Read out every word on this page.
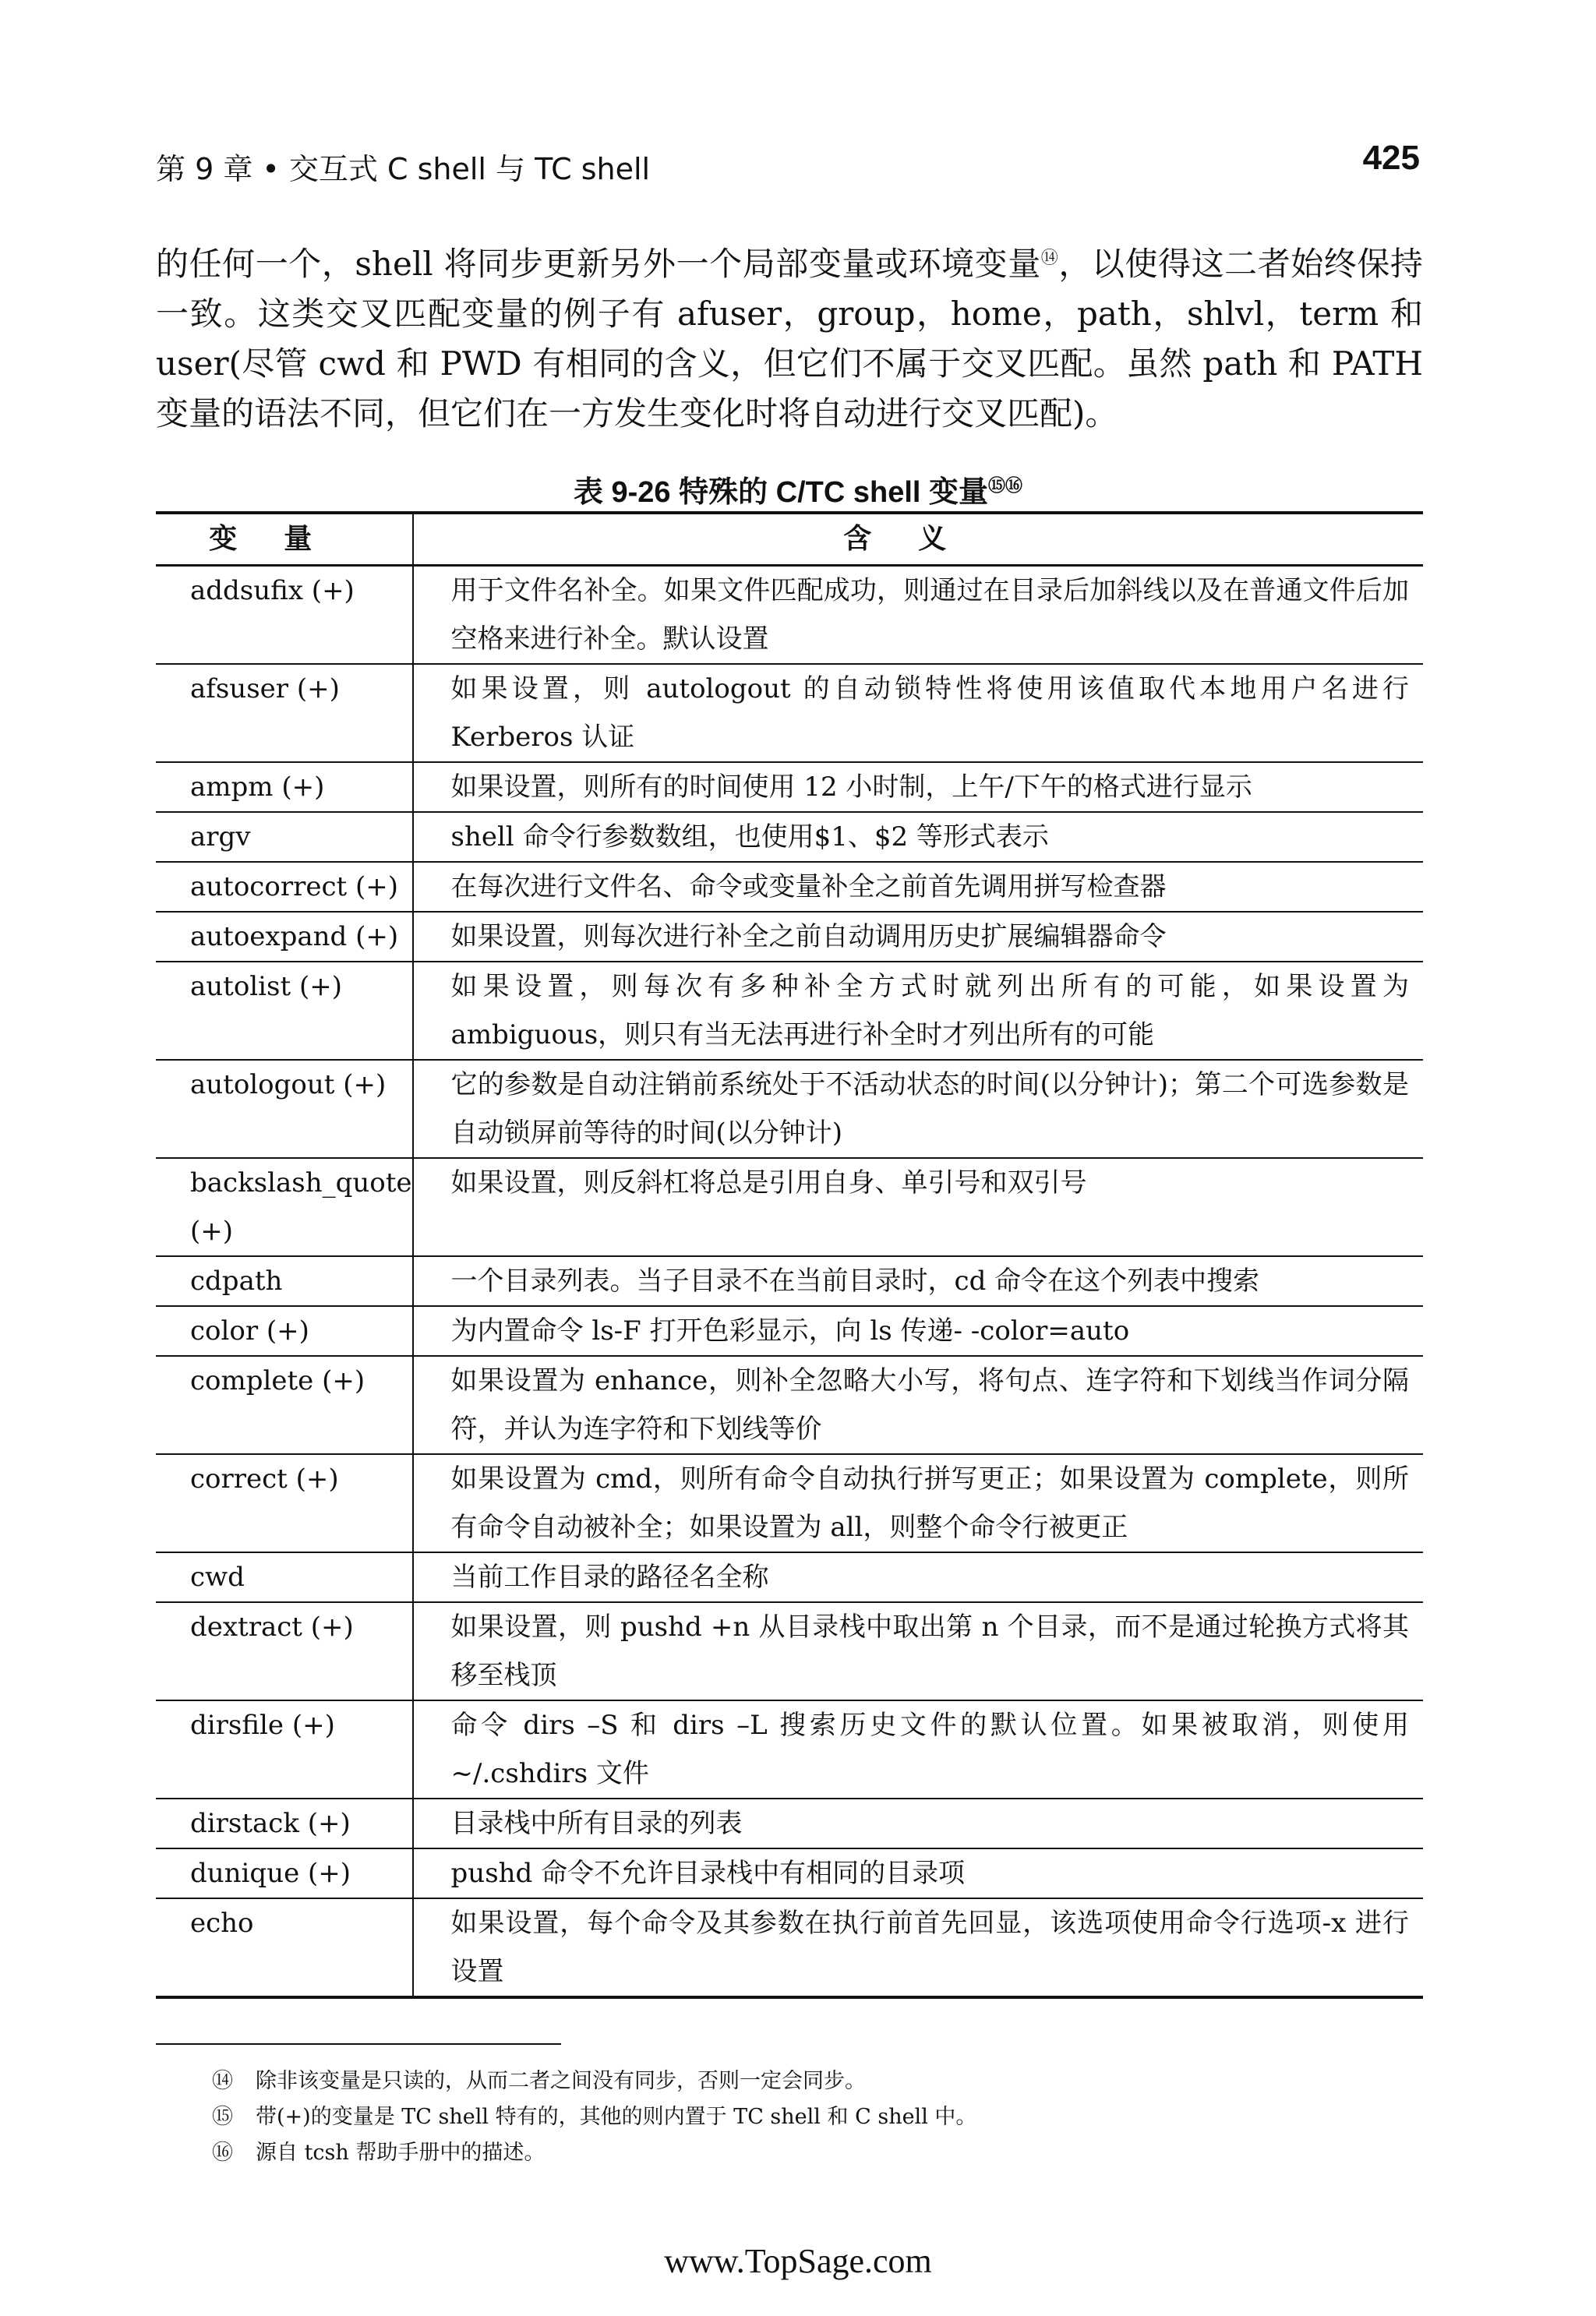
第 9 章 • 交互式 C shell 与 TC shell	425
的任何一个，shell 将同步更新另外一个局部变量或环境变量⑭，以使得这二者始终保持一致。这类交叉匹配变量的例子有 afuser，group，home，path，shlvl，term 和 user(尽管 cwd 和 PWD 有相同的含义，但它们不属于交叉匹配。虽然 path 和 PATH 变量的语法不同，但它们在一方发生变化时将自动进行交叉匹配)。
表 9-26 特殊的 C/TC shell 变量⑮⑯
变量	含义
addsufix (+)	用于文件名补全。如果文件匹配成功，则通过在目录后加斜线以及在普通文件后加空格来进行补全。默认设置
afsuser (+)	如果设置，则 autologout 的自动锁特性将使用该值取代本地用户名进行 Kerberos 认证
ampm (+)	如果设置，则所有的时间使用 12 小时制，上午/下午的格式进行显示
argv	shell 命令行参数数组，也使用$1、$2 等形式表示
autocorrect (+)	在每次进行文件名、命令或变量补全之前首先调用拼写检查器
autoexpand (+)	如果设置，则每次进行补全之前自动调用历史扩展编辑器命令
autolist (+)	如果设置，则每次有多种补全方式时就列出所有的可能，如果设置为 ambiguous，则只有当无法再进行补全时才列出所有的可能
autologout (+)	它的参数是自动注销前系统处于不活动状态的时间(以分钟计)；第二个可选参数是自动锁屏前等待的时间(以分钟计)
backslash_quote (+)	如果设置，则反斜杠将总是引用自身、单引号和双引号
cdpath	一个目录列表。当子目录不在当前目录时，cd 命令在这个列表中搜索
color (+)	为内置命令 ls-F 打开色彩显示，向 ls 传递- -color=auto
complete (+)	如果设置为 enhance，则补全忽略大小写，将句点、连字符和下划线当作词分隔符，并认为连字符和下划线等价
correct (+)	如果设置为 cmd，则所有命令自动执行拼写更正；如果设置为 complete，则所有命令自动被补全；如果设置为 all，则整个命令行被更正
cwd	当前工作目录的路径名全称
dextract (+)	如果设置，则 pushd +n 从目录栈中取出第 n 个目录，而不是通过轮换方式将其移至栈顶
dirsfile (+)	命令 dirs –S 和 dirs –L 搜索历史文件的默认位置。如果被取消，则使用~/.cshdirs 文件
dirstack (+)	目录栈中所有目录的列表
dunique (+)	pushd 命令不允许目录栈中有相同的目录项
echo	如果设置，每个命令及其参数在执行前首先回显，该选项使用命令行选项-x 进行设置
⑭	除非该变量是只读的，从而二者之间没有同步，否则一定会同步。
⑮	带(+)的变量是 TC shell 特有的，其他的则内置于 TC shell 和 C shell 中。
⑯	源自 tcsh 帮助手册中的描述。
www.TopSage.com
